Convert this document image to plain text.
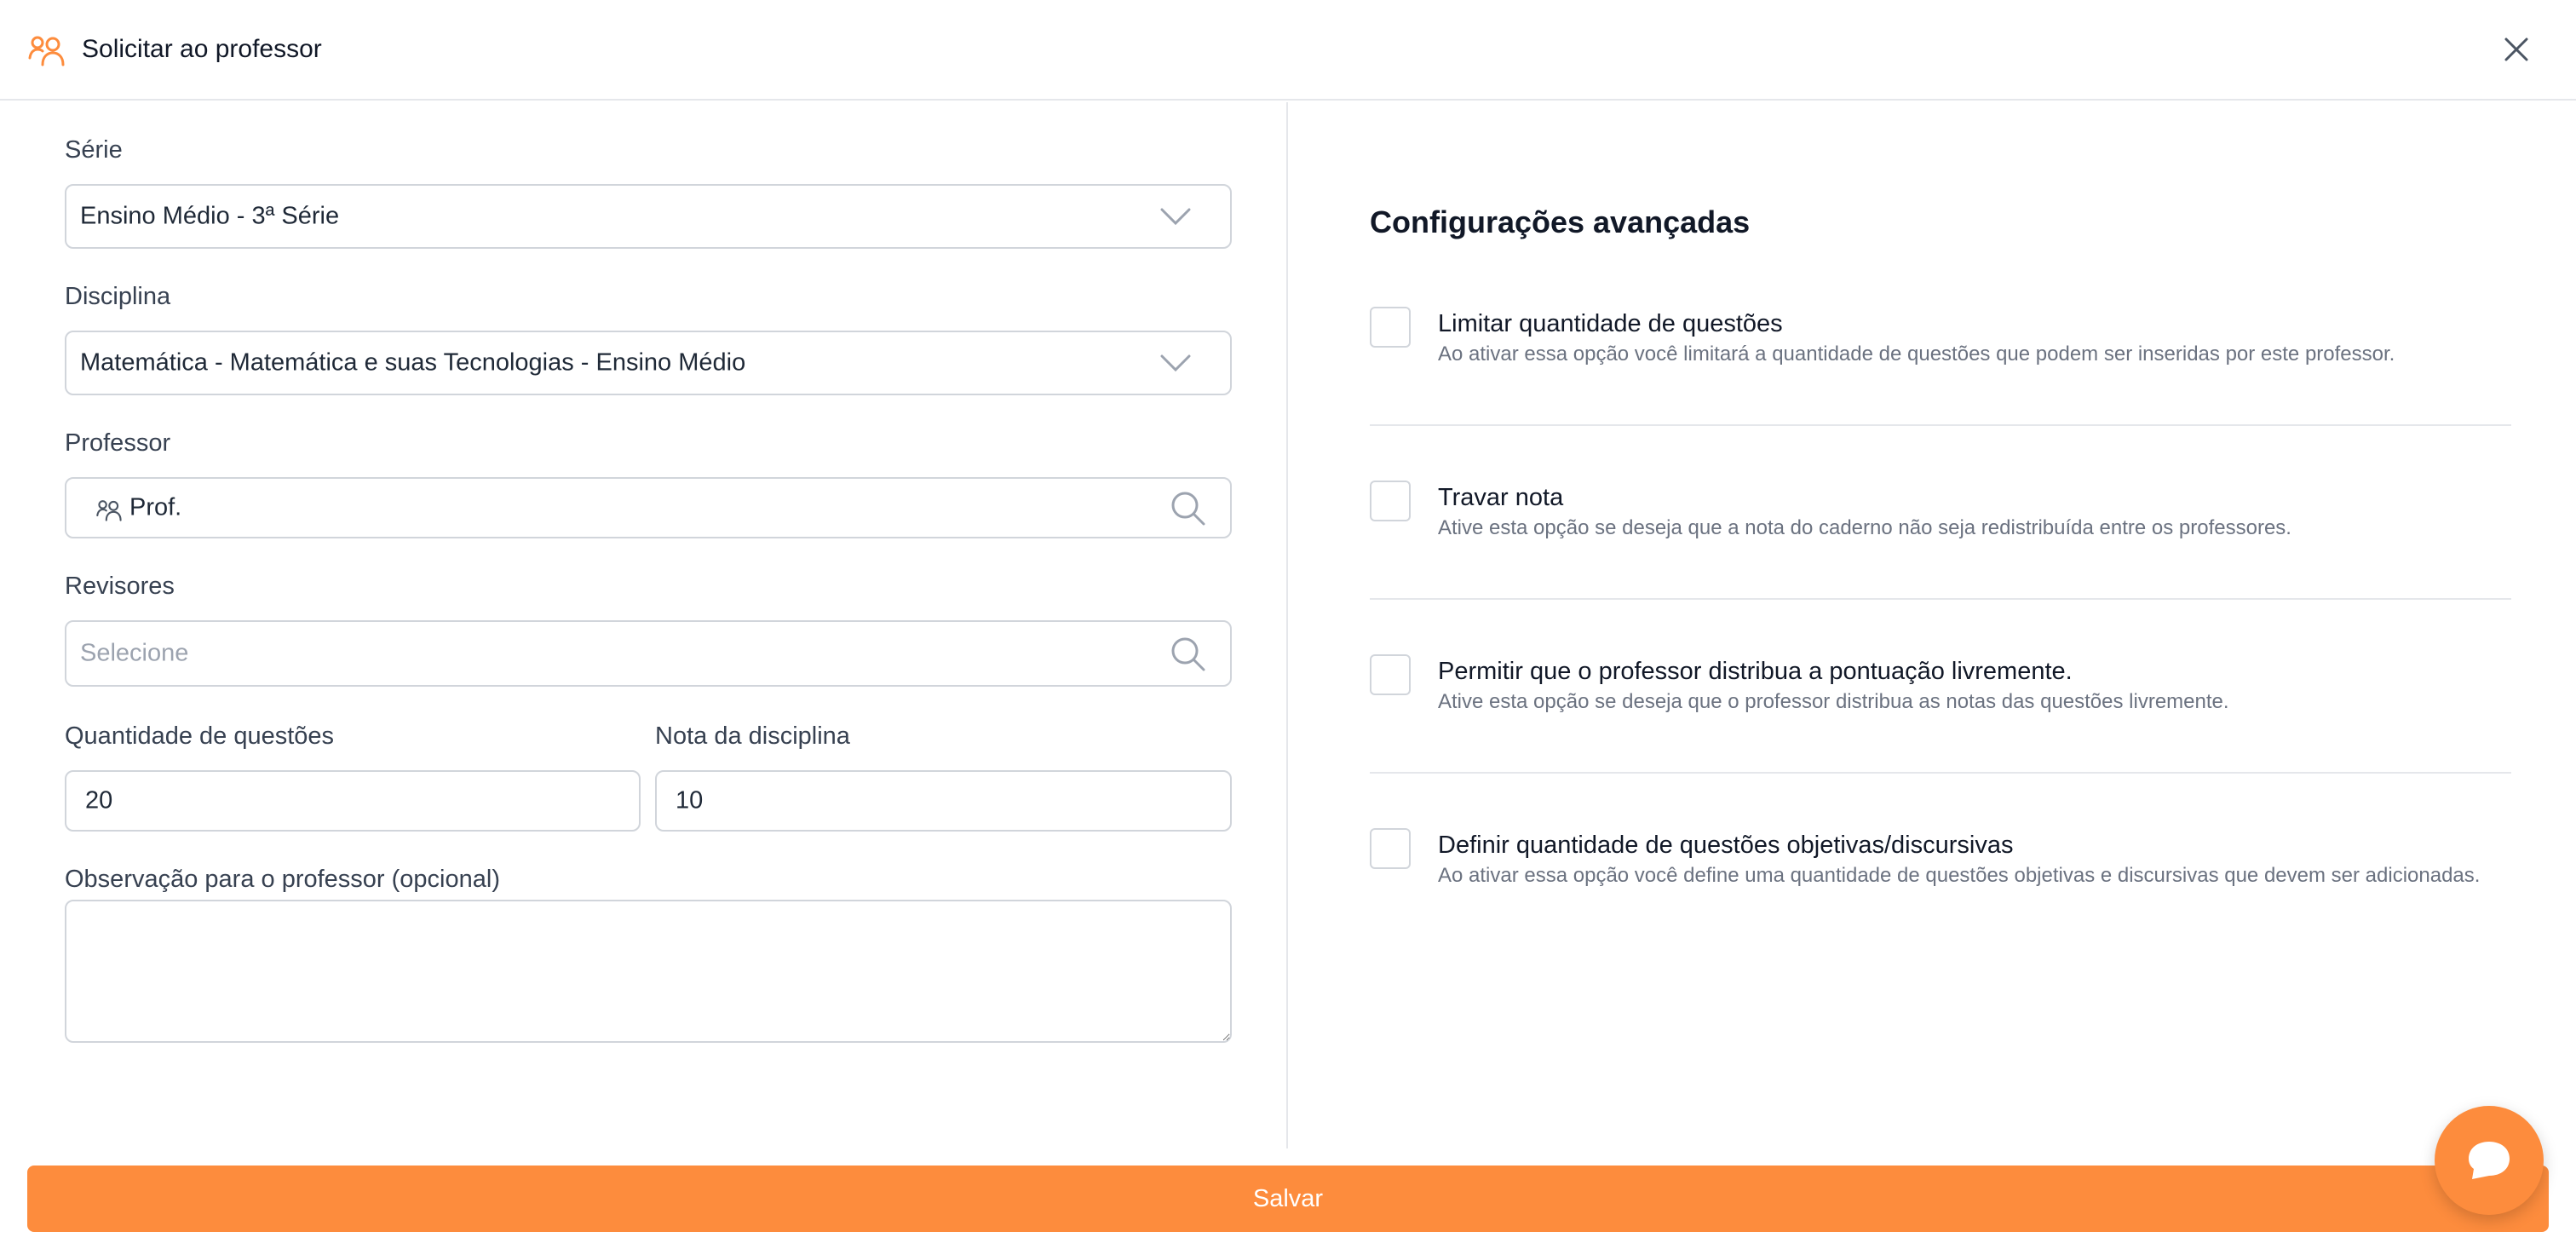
Solicitar ao professor
Série
Ensino Médio - 3ª Série
Disciplina
Matemática - Matemática e suas Tecnologias - Ensino Médio
Professor
Prof.
Revisores
Selecione
Quantidade de questões
20
Nota da disciplina
10
Observação para o professor (opcional)
Configurações avançadas
Limitar quantidade de questões
Ao ativar essa opção você limitará a quantidade de questões que podem ser inseridas por este professor.
Travar nota
Ative esta opção se deseja que a nota do caderno não seja redistribuída entre os professores.
Permitir que o professor distribua a pontuação livremente.
Ative esta opção se deseja que o professor distribua as notas das questões livremente.
Definir quantidade de questões objetivas/discursivas
Ao ativar essa opção você define uma quantidade de questões objetivas e discursivas que devem ser adicionadas.
Salvar
